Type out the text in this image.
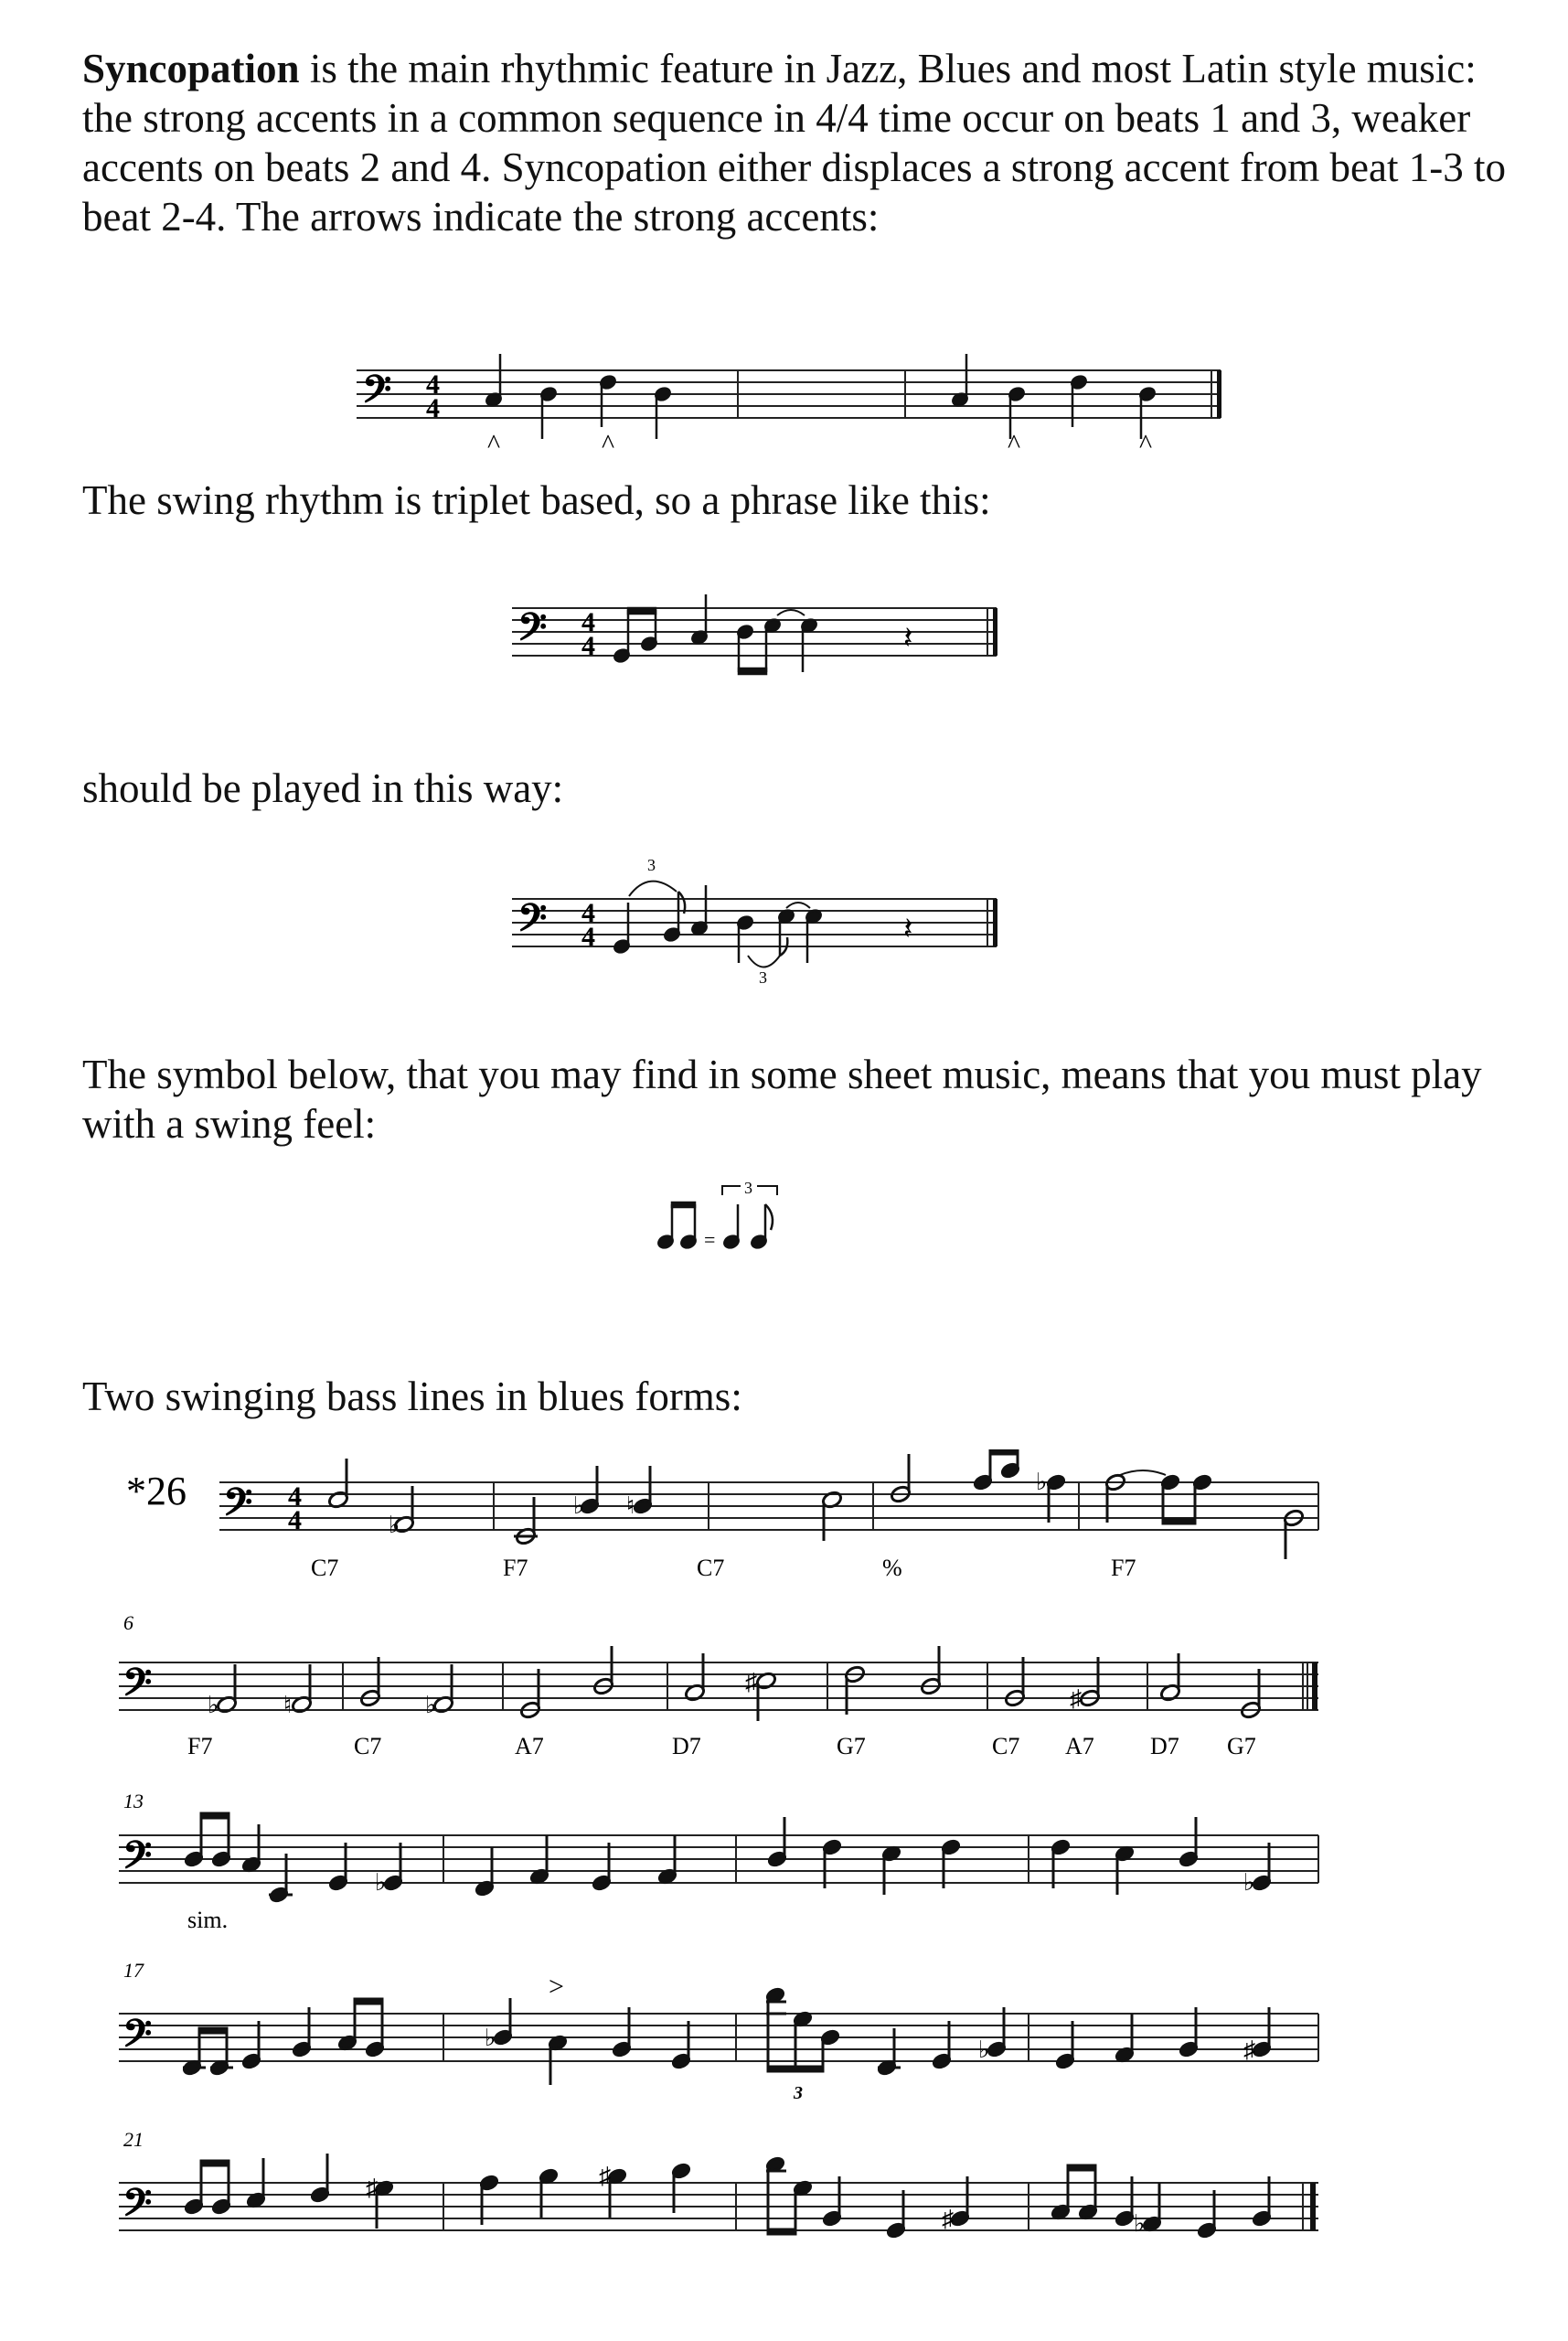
Syncopation is the main rhythmic feature in Jazz, Blues and most Latin style music: the strong accents in a common sequence in 4/4 time occur on beats 1 and 3, weaker accents on beats 2 and 4. Syncopation either displaces a strong accent from beat 1-3 to beat 2-4. The arrows indicate the strong accents:

𝄢 4
4
^	^	^	^

The swing rhythm is triplet based, so a phrase like this:

𝄢 4
4	𝄽

should be played in this way:

𝄢 4
4
3
3
𝄽

The symbol below, that you may find in some sheet music, means that you must play with a swing feel:

=
3

Two swinging bass lines in blues forms:

*26 𝄢 4
4	♭
♭ ♮
♭
C7	F7	C7	%	F7
6
𝄢 ♭	♮	♭
♯
♯
F7	C7	A7	D7	G7	C7 A7 D7 G7
13
𝄢	♭	♭
sim.
17
𝄢	♭	♭	♯
>
3
21
𝄢	♯	♯
♯	♭
